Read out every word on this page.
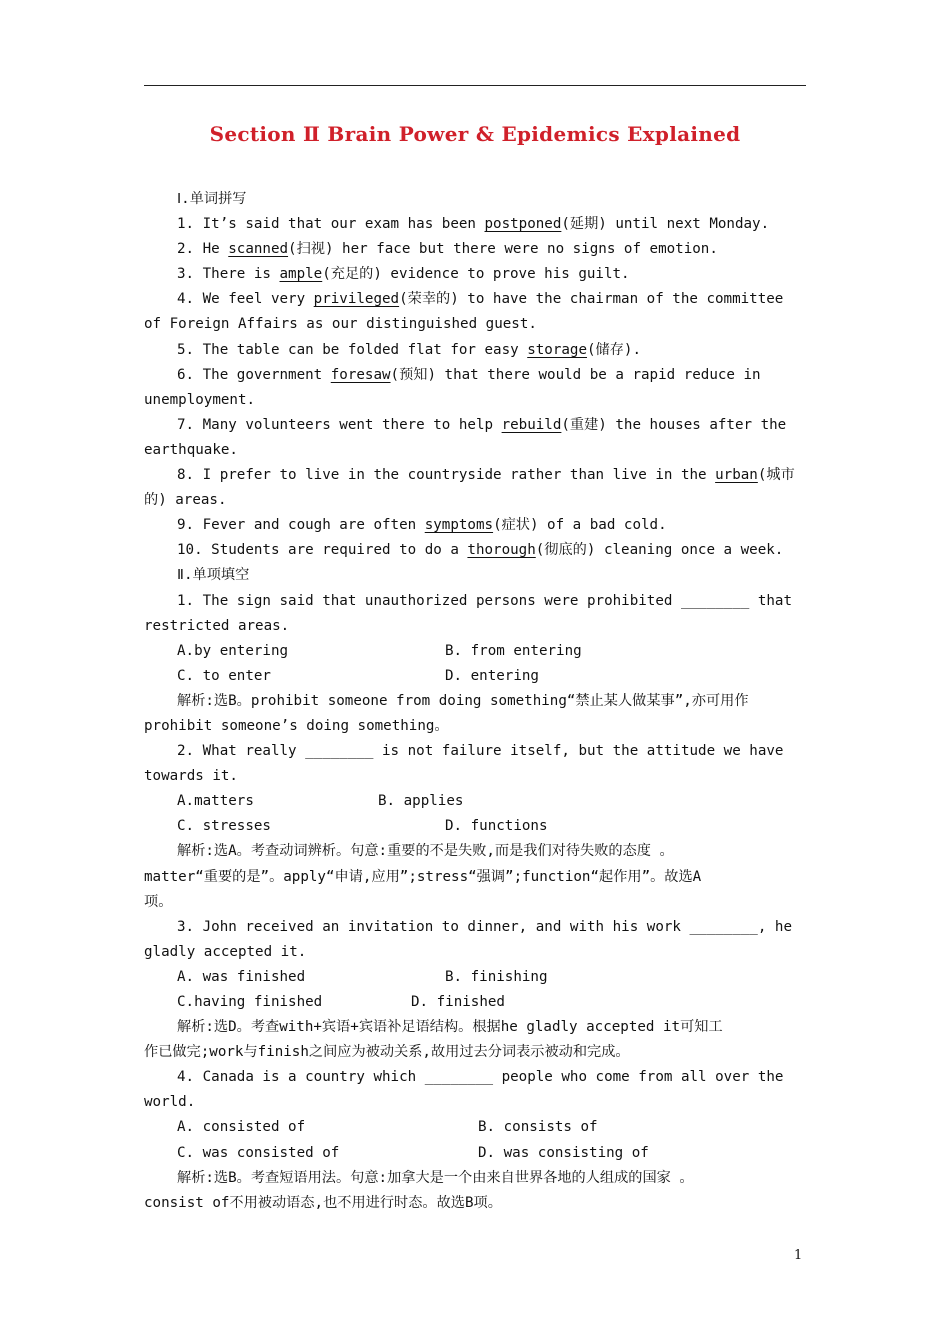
Section Ⅱ Brain Power & Epidemics Explained
Ⅰ.单词拼写
1. It’s said that our exam has been postponed(延期) until next Monday.
2. He scanned(扫视) her face but there were no signs of emotion.
3. There is ample(充足的) evidence to prove his guilt.
4. We feel very privileged(荣幸的) to have the chairman of the committee
of Foreign Affairs as our distinguished guest.
5. The table can be folded flat for easy storage(储存).
6. The government foresaw(预知) that there would be a rapid reduce in
unemployment.
7. Many volunteers went there to help rebuild(重建) the houses after the
earthquake.
8. I prefer to live in the countryside rather than live in the urban(城市
的) areas.
9. Fever and cough are often symptoms(症状) of a bad cold.
10. Students are required to do a thorough(彻底的) cleaning once a week.
Ⅱ.单项填空
1. The sign said that unauthorized persons were prohibited ________ that
restricted areas.
A.by entering	B. from entering
C. to enter	D. entering
解析:选B。prohibit someone from doing something“禁止某人做某事”,亦可用作
prohibit someone’s doing something。
2. What really ________ is not failure itself, but the attitude we have
towards it.
A.matters	B. applies
C. stresses	D. functions
解析:选A。考查动词辨析。句意:重要的不是失败,而是我们对待失败的态度 。
matter“重要的是”。apply“申请,应用”;stress“强调”;function“起作用”。故选A
项。
3. John received an invitation to dinner, and with his work ________, he
gladly accepted it.
A. was finished	B. finishing
C.having finished	D. finished
解析:选D。考查with+宾语+宾语补足语结构。根据he gladly accepted it可知工
作已做完;work与finish之间应为被动关系,故用过去分词表示被动和完成。
4. Canada is a country which ________ people who come from all over the
world.
A. consisted of	B. consists of
C. was consisted of	D. was consisting of
解析:选B。考查短语用法。句意:加拿大是一个由来自世界各地的人组成的国家 。
consist of不用被动语态,也不用进行时态。故选B项。
1
